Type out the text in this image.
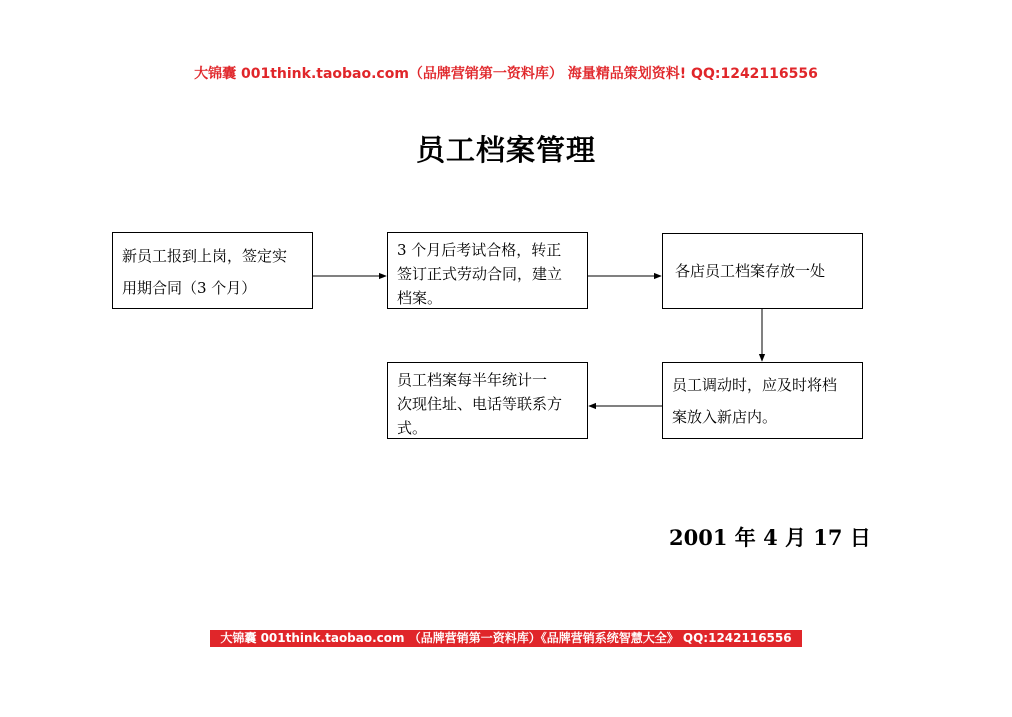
大锦囊 001think.taobao.com（品牌营销第一资料库） 海量精品策划资料! QQ:1242116556
员工档案管理
新员工报到上岗，签定实
用期合同（3 个月）
3 个月后考试合格，转正
签订正式劳动合同，建立
档案。
各店员工档案存放一处
员工档案每半年统计一
次现住址、电话等联系方
式。
员工调动时，应及时将档
案放入新店内。
2001 年 4 月 17 日
大锦囊 001think.taobao.com （品牌营销第一资料库）《品牌营销系统智慧大全》 QQ:1242116556
